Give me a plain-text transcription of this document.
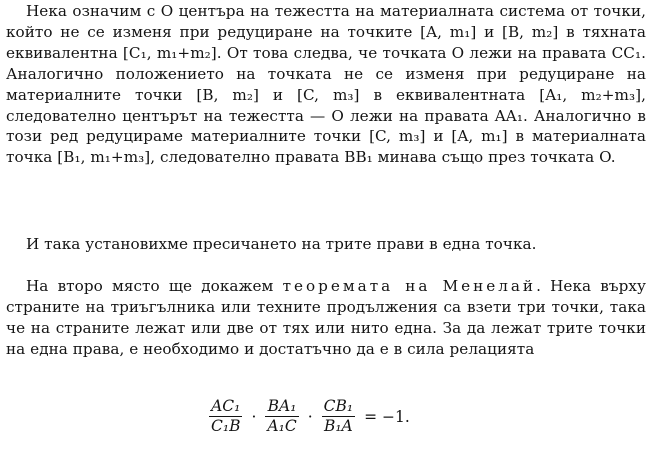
Нека означим с O центъра на тежестта на материалната система от точки, който не се изменя при редуциране на точките [A, m₁] и [B, m₂] в тяхната еквивалентна [C₁, m₁+m₂]. От това следва, че точката O лежи на правата CC₁. Аналогично положението на точката не се изменя при редуциране на материалните точки [B, m₂] и [C, m₃] в еквивалентната [A₁, m₂+m₃], следователно центърът на тежестта — O лежи на правата AA₁. Аналогично в този ред редуцираме материалните точки [C, m₃] и [A, m₁] в материалната точка [B₁, m₁+m₃], следователно правата BB₁ минава също през точката O.

И така установихме пресичането на трите прави в една точка.

На второ място ще докажем теоремата на Менелай. Нека върху страните на триъгълника или техните продължения са взети три точки, така че на страните лежат или две от тях или нито една. За да лежат трите точки на една права, е необходимо и достатъчно да е в сила релацията

$\frac{\text{AC₁}}{\text{C₁B}} \cdot \frac{\text{BA₁}}{\text{A₁C}} \cdot \frac{\text{CB₁}}{\text{B₁A}} = -1$.
